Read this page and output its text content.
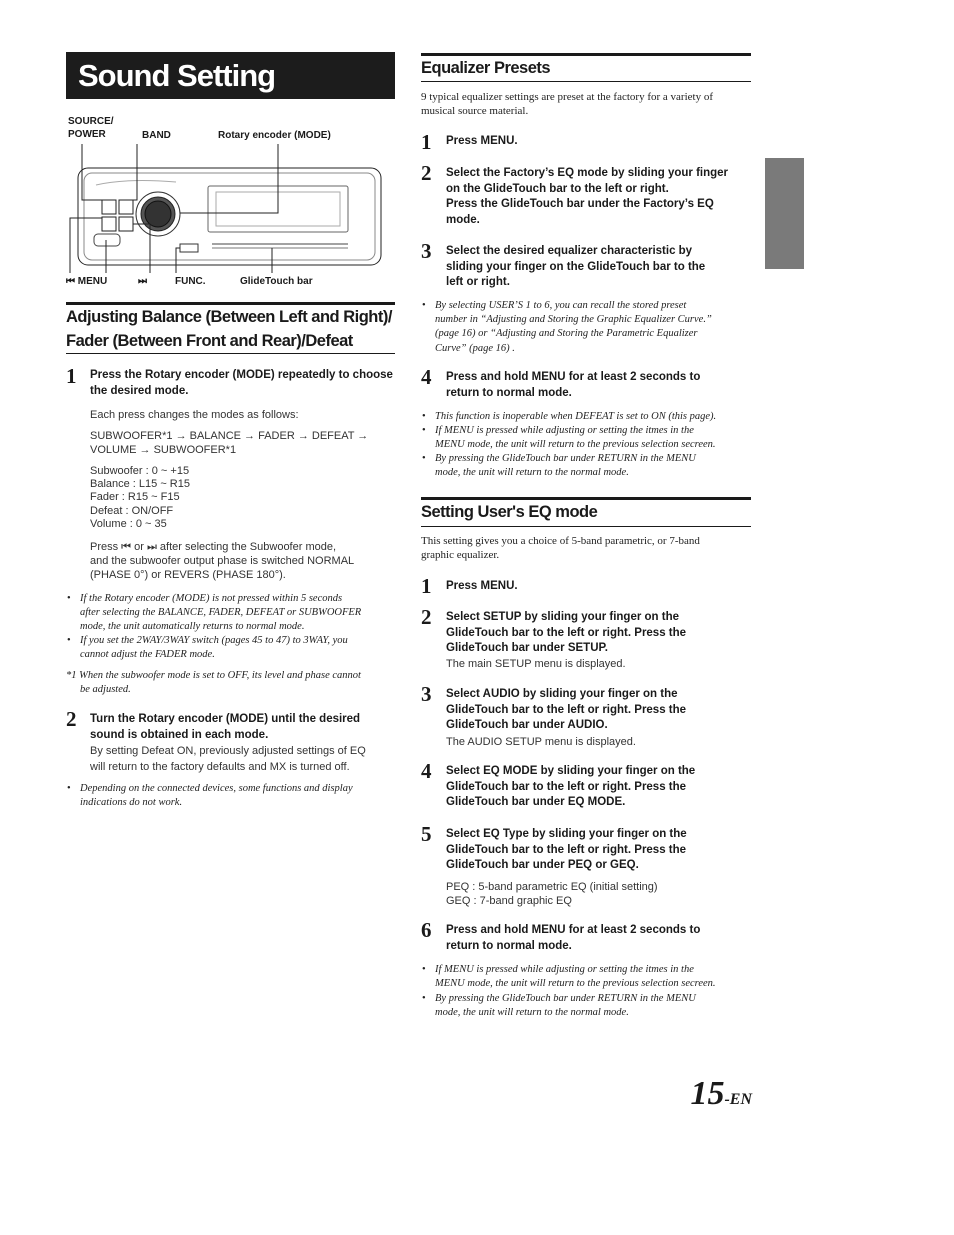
Sound Setting
SOURCE/
POWER	BAND	Rotary encoder (MODE)
⏮ MENU	⏭	FUNC.	GlideTouch bar
Adjusting Balance (Between Left and Right)/
Fader (Between Front and Rear)/Defeat
1 Press the Rotary encoder (MODE) repeatedly to choose the desired mode.
Each press changes the modes as follows:
SUBWOOFER*1 → BALANCE → FADER → DEFEAT →
VOLUME → SUBWOOFER*1
Subwoofer : 0 ~ +15
Balance : L15 ~ R15
Fader : R15 ~ F15
Defeat : ON/OFF
Volume : 0 ~ 35
Press ⏮ or ⏭ after selecting the Subwoofer mode,
and the subwoofer output phase is switched NORMAL
(PHASE 0°) or REVERS (PHASE 180°).
• If the Rotary encoder (MODE) is not pressed within 5 seconds
after selecting the BALANCE, FADER, DEFEAT or SUBWOOFER
mode, the unit automatically returns to normal mode.
• If you set the 2WAY/3WAY switch (pages 45 to 47) to 3WAY, you
cannot adjust the FADER mode.
*1 When the subwoofer mode is set to OFF, its level and phase cannot
be adjusted.
2 Turn the Rotary encoder (MODE) until the desired sound is obtained in each mode.
By setting Defeat ON, previously adjusted settings of EQ
will return to the factory defaults and MX is turned off.
• Depending on the connected devices, some functions and display
indications do not work.
Equalizer Presets
9 typical equalizer settings are preset at the factory for a variety of
musical source material.
1 Press MENU.
2 Select the Factory’s EQ mode by sliding your finger
on the GlideTouch bar to the left or right.
Press the GlideTouch bar under the Factory’s EQ
mode.
3 Select the desired equalizer characteristic by
sliding your finger on the GlideTouch bar to the
left or right.
• By selecting USER’S 1 to 6, you can recall the stored preset
number in “Adjusting and Storing the Graphic Equalizer Curve.”
(page 16) or “Adjusting and Storing the Parametric Equalizer
Curve” (page 16) .
4 Press and hold MENU for at least 2 seconds to
return to normal mode.
• This function is inoperable when DEFEAT is set to ON (this page).
• If MENU is pressed while adjusting or setting the itmes in the
MENU mode, the unit will return to the previous selection secreen.
• By pressing the GlideTouch bar under RETURN in the MENU
mode, the unit will return to the normal mode.
Setting User's EQ mode
This setting gives you a choice of 5-band parametric, or 7-band
graphic equalizer.
1 Press MENU.
2 Select SETUP by sliding your finger on the
GlideTouch bar to the left or right. Press the
GlideTouch bar under SETUP.
The main SETUP menu is displayed.
3 Select AUDIO by sliding your finger on the
GlideTouch bar to the left or right. Press the
GlideTouch bar under AUDIO.
The AUDIO SETUP menu is displayed.
4 Select EQ MODE by sliding your finger on the
GlideTouch bar to the left or right. Press the
GlideTouch bar under EQ MODE.
5 Select EQ Type by sliding your finger on the
GlideTouch bar to the left or right. Press the
GlideTouch bar under PEQ or GEQ.
PEQ : 5-band parametric EQ (initial setting)
GEQ : 7-band graphic EQ
6 Press and hold MENU for at least 2 seconds to
return to normal mode.
• If MENU is pressed while adjusting or setting the itmes in the
MENU mode, the unit will return to the previous selection secreen.
• By pressing the GlideTouch bar under RETURN in the MENU
mode, the unit will return to the normal mode.
15-EN
